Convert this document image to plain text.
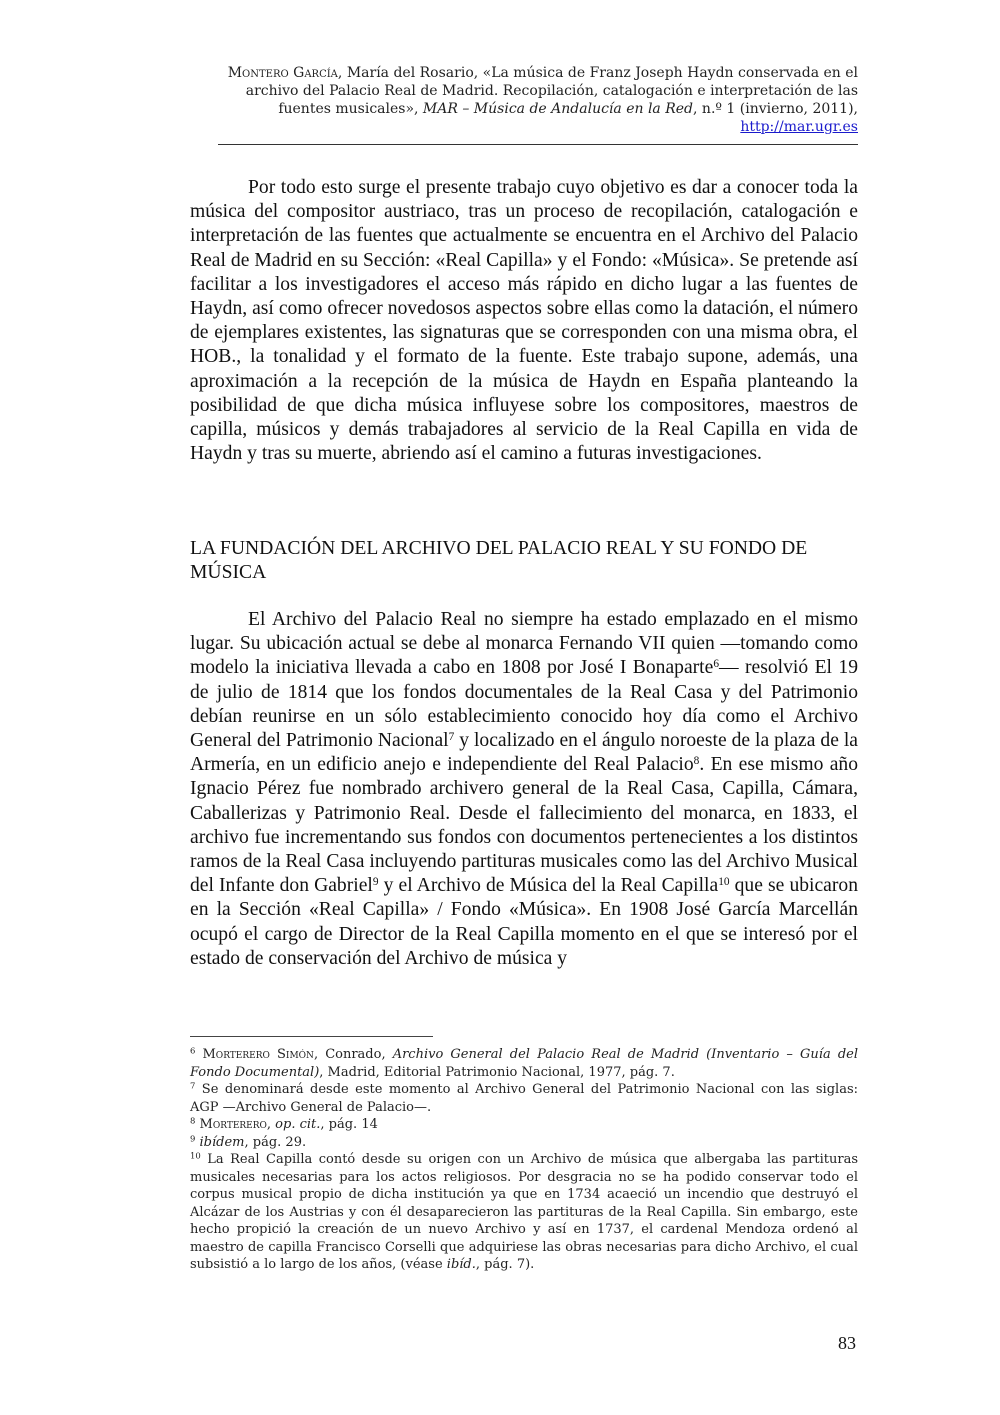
Montero García, María del Rosario, «La música de Franz Joseph Haydn conservada en el archivo del Palacio Real de Madrid. Recopilación, catalogación e interpretación de las fuentes musicales», MAR – Música de Andalucía en la Red, n.º 1 (invierno, 2011), http://mar.ugr.es

Por todo esto surge el presente trabajo cuyo objetivo es dar a conocer toda la música del compositor austriaco, tras un proceso de recopilación, catalogación e interpretación de las fuentes que actualmente se encuentra en el Archivo del Palacio Real de Madrid en su Sección: «Real Capilla» y el Fondo: «Música». Se pretende así facilitar a los investigadores el acceso más rápido en dicho lugar a las fuentes de Haydn, así como ofrecer novedosos aspectos sobre ellas como la datación, el número de ejemplares existentes, las signaturas que se corresponden con una misma obra, el HOB., la tonalidad y el formato de la fuente. Este trabajo supone, además, una aproximación a la recepción de la música de Haydn en España planteando la posibilidad de que dicha música influyese sobre los compositores, maestros de capilla, músicos y demás trabajadores al servicio de la Real Capilla en vida de Haydn y tras su muerte, abriendo así el camino a futuras investigaciones.

LA FUNDACIÓN DEL ARCHIVO DEL PALACIO REAL Y SU FONDO DE MÚSICA

El Archivo del Palacio Real no siempre ha estado emplazado en el mismo lugar. Su ubicación actual se debe al monarca Fernando VII quien —tomando como modelo la iniciativa llevada a cabo en 1808 por José I Bonaparte$^6$— resolvió El 19 de julio de 1814 que los fondos documentales de la Real Casa y del Patrimonio debían reunirse en un sólo establecimiento conocido hoy día como el Archivo General del Patrimonio Nacional$^7$ y localizado en el ángulo noroeste de la plaza de la Armería, en un edificio anejo e independiente del Real Palacio$^8$. En ese mismo año Ignacio Pérez fue nombrado archivero general de la Real Casa, Capilla, Cámara, Caballerizas y Patrimonio Real. Desde el fallecimiento del monarca, en 1833, el archivo fue incrementando sus fondos con documentos pertenecientes a los distintos ramos de la Real Casa incluyendo partituras musicales como las del Archivo Musical del Infante don Gabriel$^9$ y el Archivo de Música del la Real Capilla$^{10}$ que se ubicaron en la Sección «Real Capilla» / Fondo «Música». En 1908 José García Marcellán ocupó el cargo de Director de la Real Capilla momento en el que se interesó por el estado de conservación del Archivo de música y

$^6$ Morterero Simón, Conrado, Archivo General del Palacio Real de Madrid (Inventario – Guía del Fondo Documental), Madrid, Editorial Patrimonio Nacional, 1977, pág. 7.

$^7$ Se denominará desde este momento al Archivo General del Patrimonio Nacional con las siglas: AGP —Archivo General de Palacio—.

$^8$ Morterero, op. cit., pág. 14

$^9$ ibídem, pág. 29.

$^{10}$ La Real Capilla contó desde su origen con un Archivo de música que albergaba las partituras musicales necesarias para los actos religiosos. Por desgracia no se ha podido conservar todo el corpus musical propio de dicha institución ya que en 1734 acaeció un incendio que destruyó el Alcázar de los Austrias y con él desaparecieron las partituras de la Real Capilla. Sin embargo, este hecho propició la creación de un nuevo Archivo y así en 1737, el cardenal Mendoza ordenó al maestro de capilla Francisco Corselli que adquiriese las obras necesarias para dicho Archivo, el cual subsistió a lo largo de los años, (véase ibíd., pág. 7).

83
